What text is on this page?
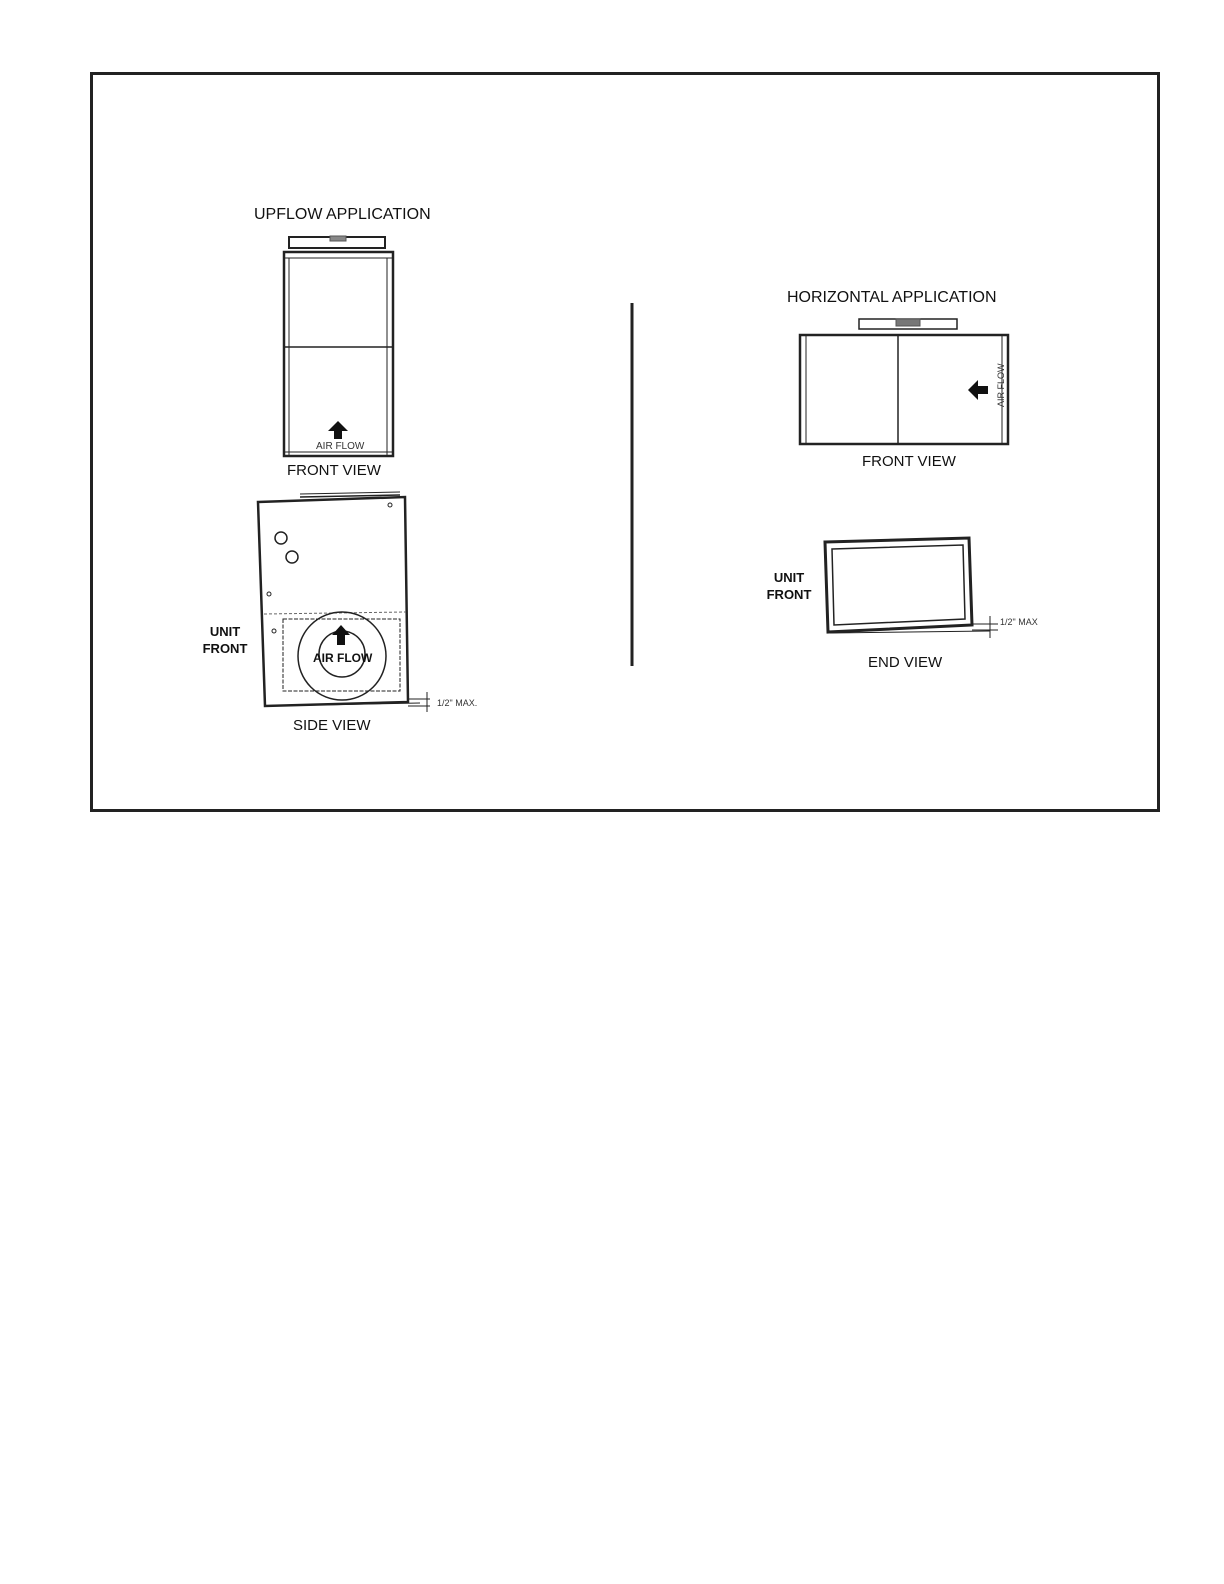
UPFLOW APPLICATION
AIR FLOW
FRONT VIEW
AIR FLOW
UNIT
FRONT
1/2" MAX.
SIDE VIEW
HORIZONTAL APPLICATION
AIR FLOW
FRONT VIEW
UNIT
FRONT
1/2" MAX
END VIEW
